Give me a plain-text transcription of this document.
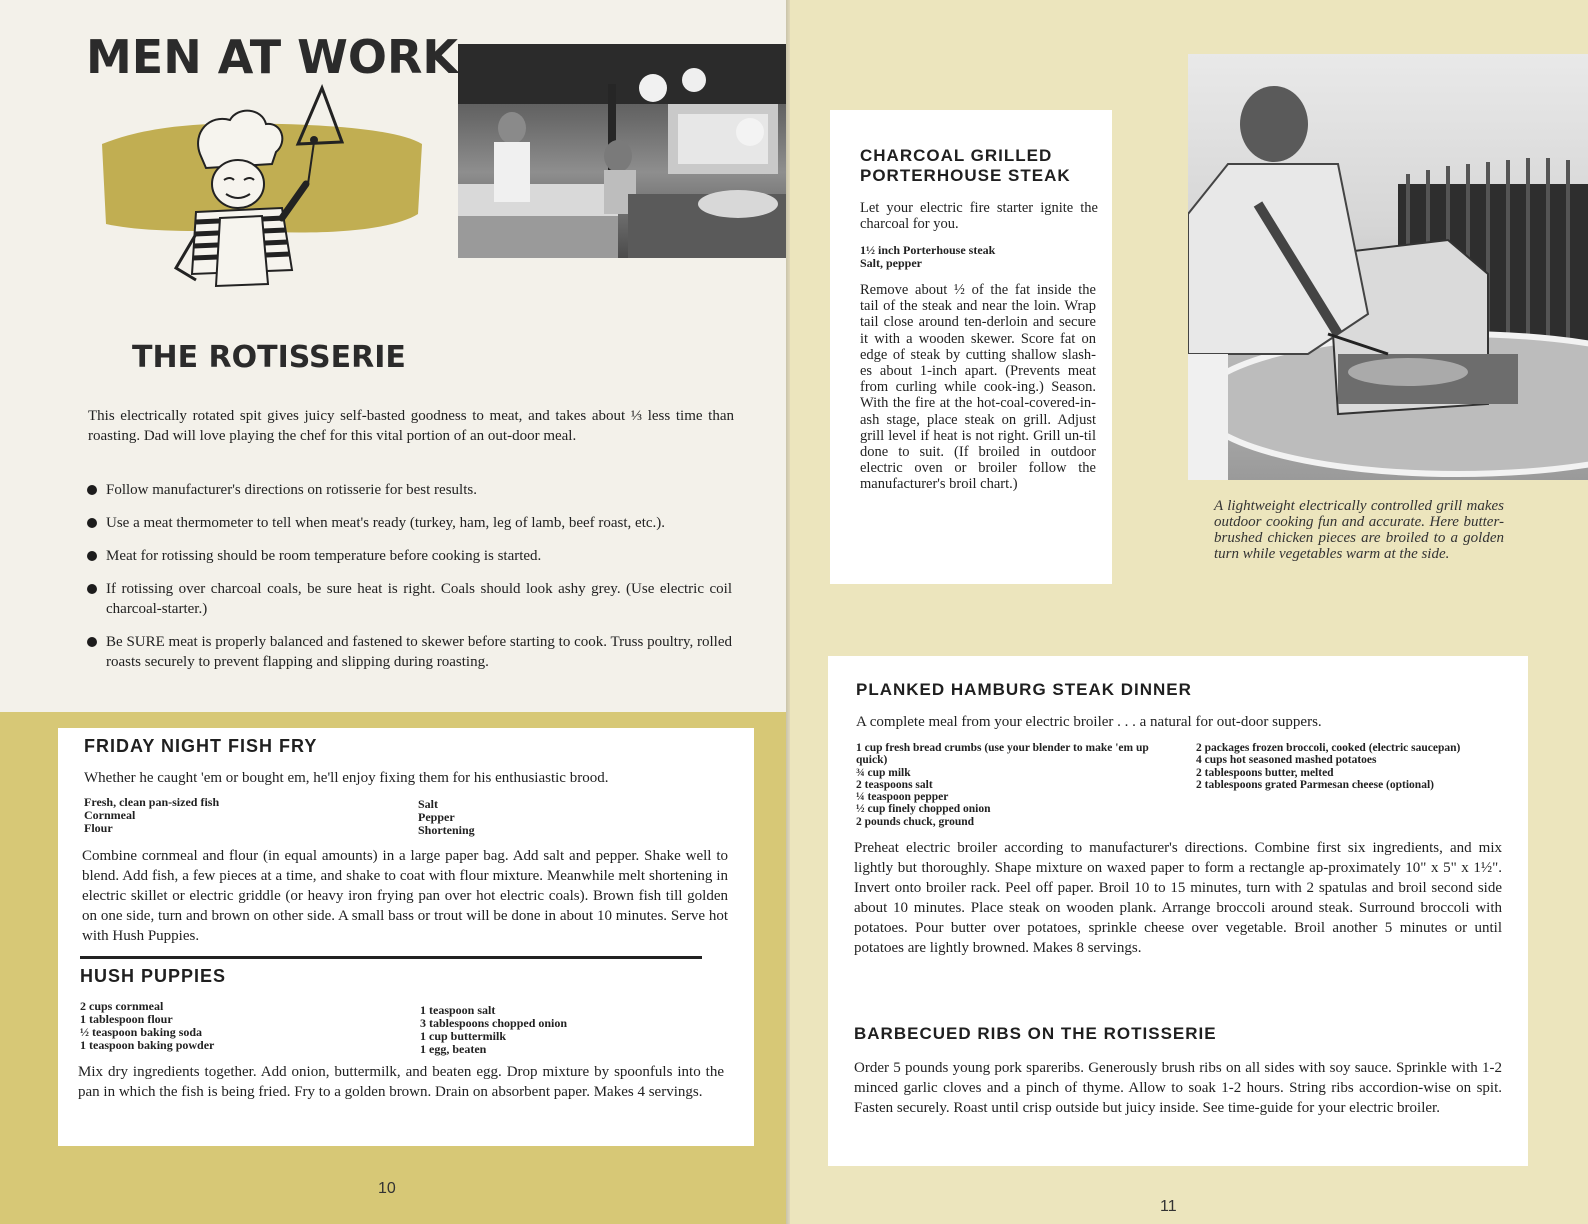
MEN AT WORK
THE ROTISSERIE
This electrically rotated spit gives juicy self-basted goodness to meat, and takes about ⅓ less time than roasting. Dad will love playing the chef for this vital portion of an out-door meal.
Follow manufacturer's directions on rotisserie for best results.
Use a meat thermometer to tell when meat's ready (turkey, ham, leg of lamb, beef roast, etc.).
Meat for rotissing should be room temperature before cooking is started.
If rotissing over charcoal coals, be sure heat is right. Coals should look ashy grey. (Use electric coil charcoal-starter.)
Be SURE meat is properly balanced and fastened to skewer before starting to cook. Truss poultry, rolled roasts securely to prevent flapping and slipping during roasting.
FRIDAY NIGHT FISH FRY
Whether he caught 'em or bought em, he'll enjoy fixing them for his enthusiastic brood.
Fresh, clean pan-sized fish
Cornmeal
Flour
Salt
Pepper
Shortening
Combine cornmeal and flour (in equal amounts) in a large paper bag. Add salt and pepper. Shake well to blend. Add fish, a few pieces at a time, and shake to coat with flour mixture. Meanwhile melt shortening in electric skillet or electric griddle (or heavy iron frying pan over hot electric coals). Brown fish till golden on one side, turn and brown on other side. A small bass or trout will be done in about 10 minutes. Serve hot with Hush Puppies.
HUSH PUPPIES
2 cups cornmeal
1 tablespoon flour
½ teaspoon baking soda
1 teaspoon baking powder
1 teaspoon salt
3 tablespoons chopped onion
1 cup buttermilk
1 egg, beaten
Mix dry ingredients together. Add onion, buttermilk, and beaten egg. Drop mixture by spoonfuls into the pan in which the fish is being fried. Fry to a golden brown. Drain on absorbent paper. Makes 4 servings.
10
CHARCOAL GRILLED
PORTERHOUSE STEAK
Let your electric fire starter ignite the charcoal for you.
1½ inch Porterhouse steak
Salt, pepper
Remove about ½ of the fat inside the tail of the steak and near the loin. Wrap tail close around ten-derloin and secure it with a wooden skewer. Score fat on edge of steak by cutting shallow slash-es about 1-inch apart. (Prevents meat from curling while cook-ing.) Season. With the fire at the hot-coal-covered-in-ash stage, place steak on grill. Adjust grill level if heat is not right. Grill un-til done to suit. (If broiled in outdoor electric oven or broiler follow the manufacturer's broil chart.)
A lightweight electrically controlled grill makes outdoor cooking fun and accurate. Here butter-brushed chicken pieces are broiled to a golden turn while vegetables warm at the side.
PLANKED HAMBURG STEAK DINNER
A complete meal from your electric broiler . . . a natural for out-door suppers.
1 cup fresh bread crumbs (use your blender to make 'em up quick)
¾ cup milk
2 teaspoons salt
¼ teaspoon pepper
½ cup finely chopped onion
2 pounds chuck, ground
2 packages frozen broccoli, cooked (electric saucepan)
4 cups hot seasoned mashed potatoes
2 tablespoons butter, melted
2 tablespoons grated Parmesan cheese (optional)
Preheat electric broiler according to manufacturer's directions. Combine first six ingredients, and mix lightly but thoroughly. Shape mixture on waxed paper to form a rectangle ap-proximately 10" x 5" x 1½". Invert onto broiler rack. Peel off paper. Broil 10 to 15 minutes, turn with 2 spatulas and broil second side about 10 minutes. Place steak on wooden plank. Arrange broccoli around steak. Surround broccoli with potatoes. Pour butter over potatoes, sprinkle cheese over vegetable. Broil another 5 minutes or until potatoes are lightly browned. Makes 8 servings.
BARBECUED RIBS ON THE ROTISSERIE
Order 5 pounds young pork spareribs. Generously brush ribs on all sides with soy sauce. Sprinkle with 1-2 minced garlic cloves and a pinch of thyme. Allow to soak 1-2 hours. String ribs accordion-wise on spit. Fasten securely. Roast until crisp outside but juicy inside. See time-guide for your electric broiler.
11
